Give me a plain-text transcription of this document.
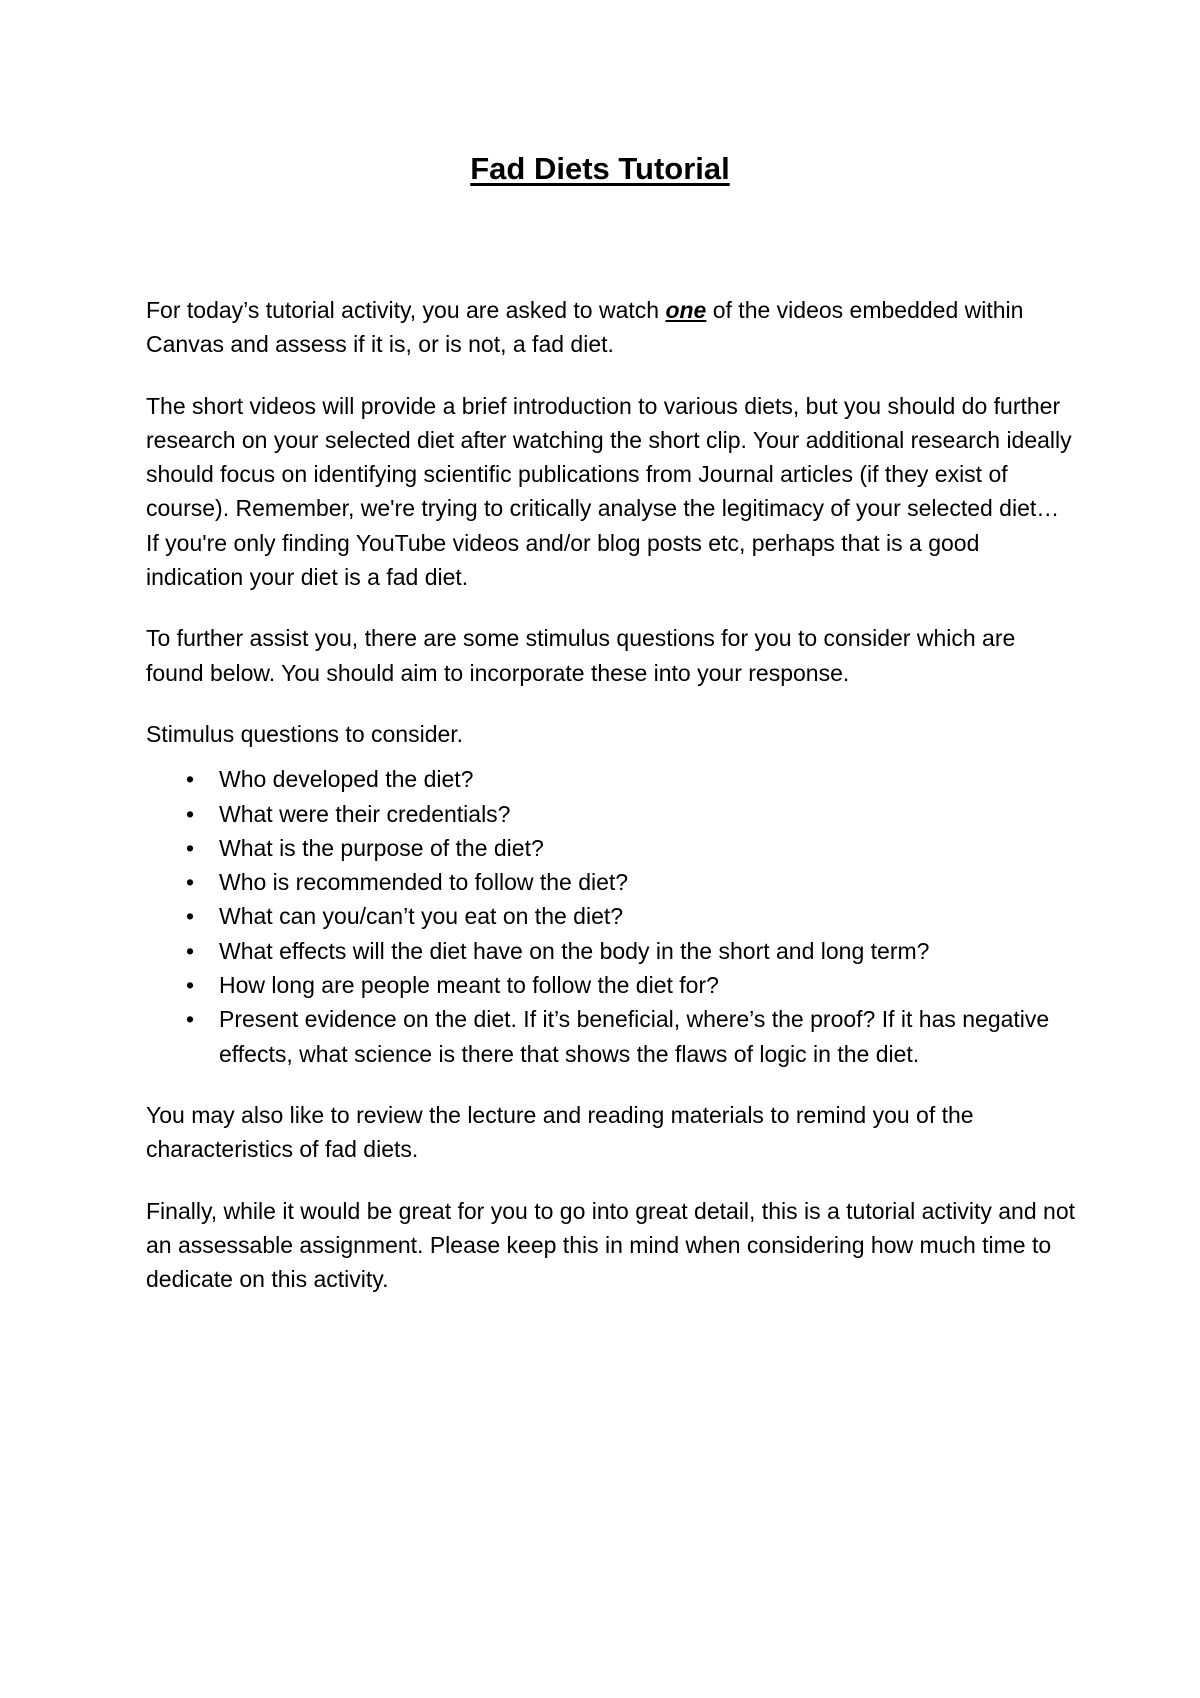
Fad Diets Tutorial

For today’s tutorial activity, you are asked to watch one of the videos embedded within Canvas and assess if it is, or is not, a fad diet.

The short videos will provide a brief introduction to various diets, but you should do further research on your selected diet after watching the short clip. Your additional research ideally should focus on identifying scientific publications from Journal articles (if they exist of course). Remember, we're trying to critically analyse the legitimacy of your selected diet… If you're only finding YouTube videos and/or blog posts etc, perhaps that is a good indication your diet is a fad diet.

To further assist you, there are some stimulus questions for you to consider which are found below. You should aim to incorporate these into your response.

Stimulus questions to consider.

• Who developed the diet?
• What were their credentials?
• What is the purpose of the diet?
• Who is recommended to follow the diet?
• What can you/can’t you eat on the diet?
• What effects will the diet have on the body in the short and long term?
• How long are people meant to follow the diet for?
• Present evidence on the diet. If it’s beneficial, where’s the proof? If it has negative effects, what science is there that shows the flaws of logic in the diet.

You may also like to review the lecture and reading materials to remind you of the characteristics of fad diets.

Finally, while it would be great for you to go into great detail, this is a tutorial activity and not an assessable assignment. Please keep this in mind when considering how much time to dedicate on this activity.
